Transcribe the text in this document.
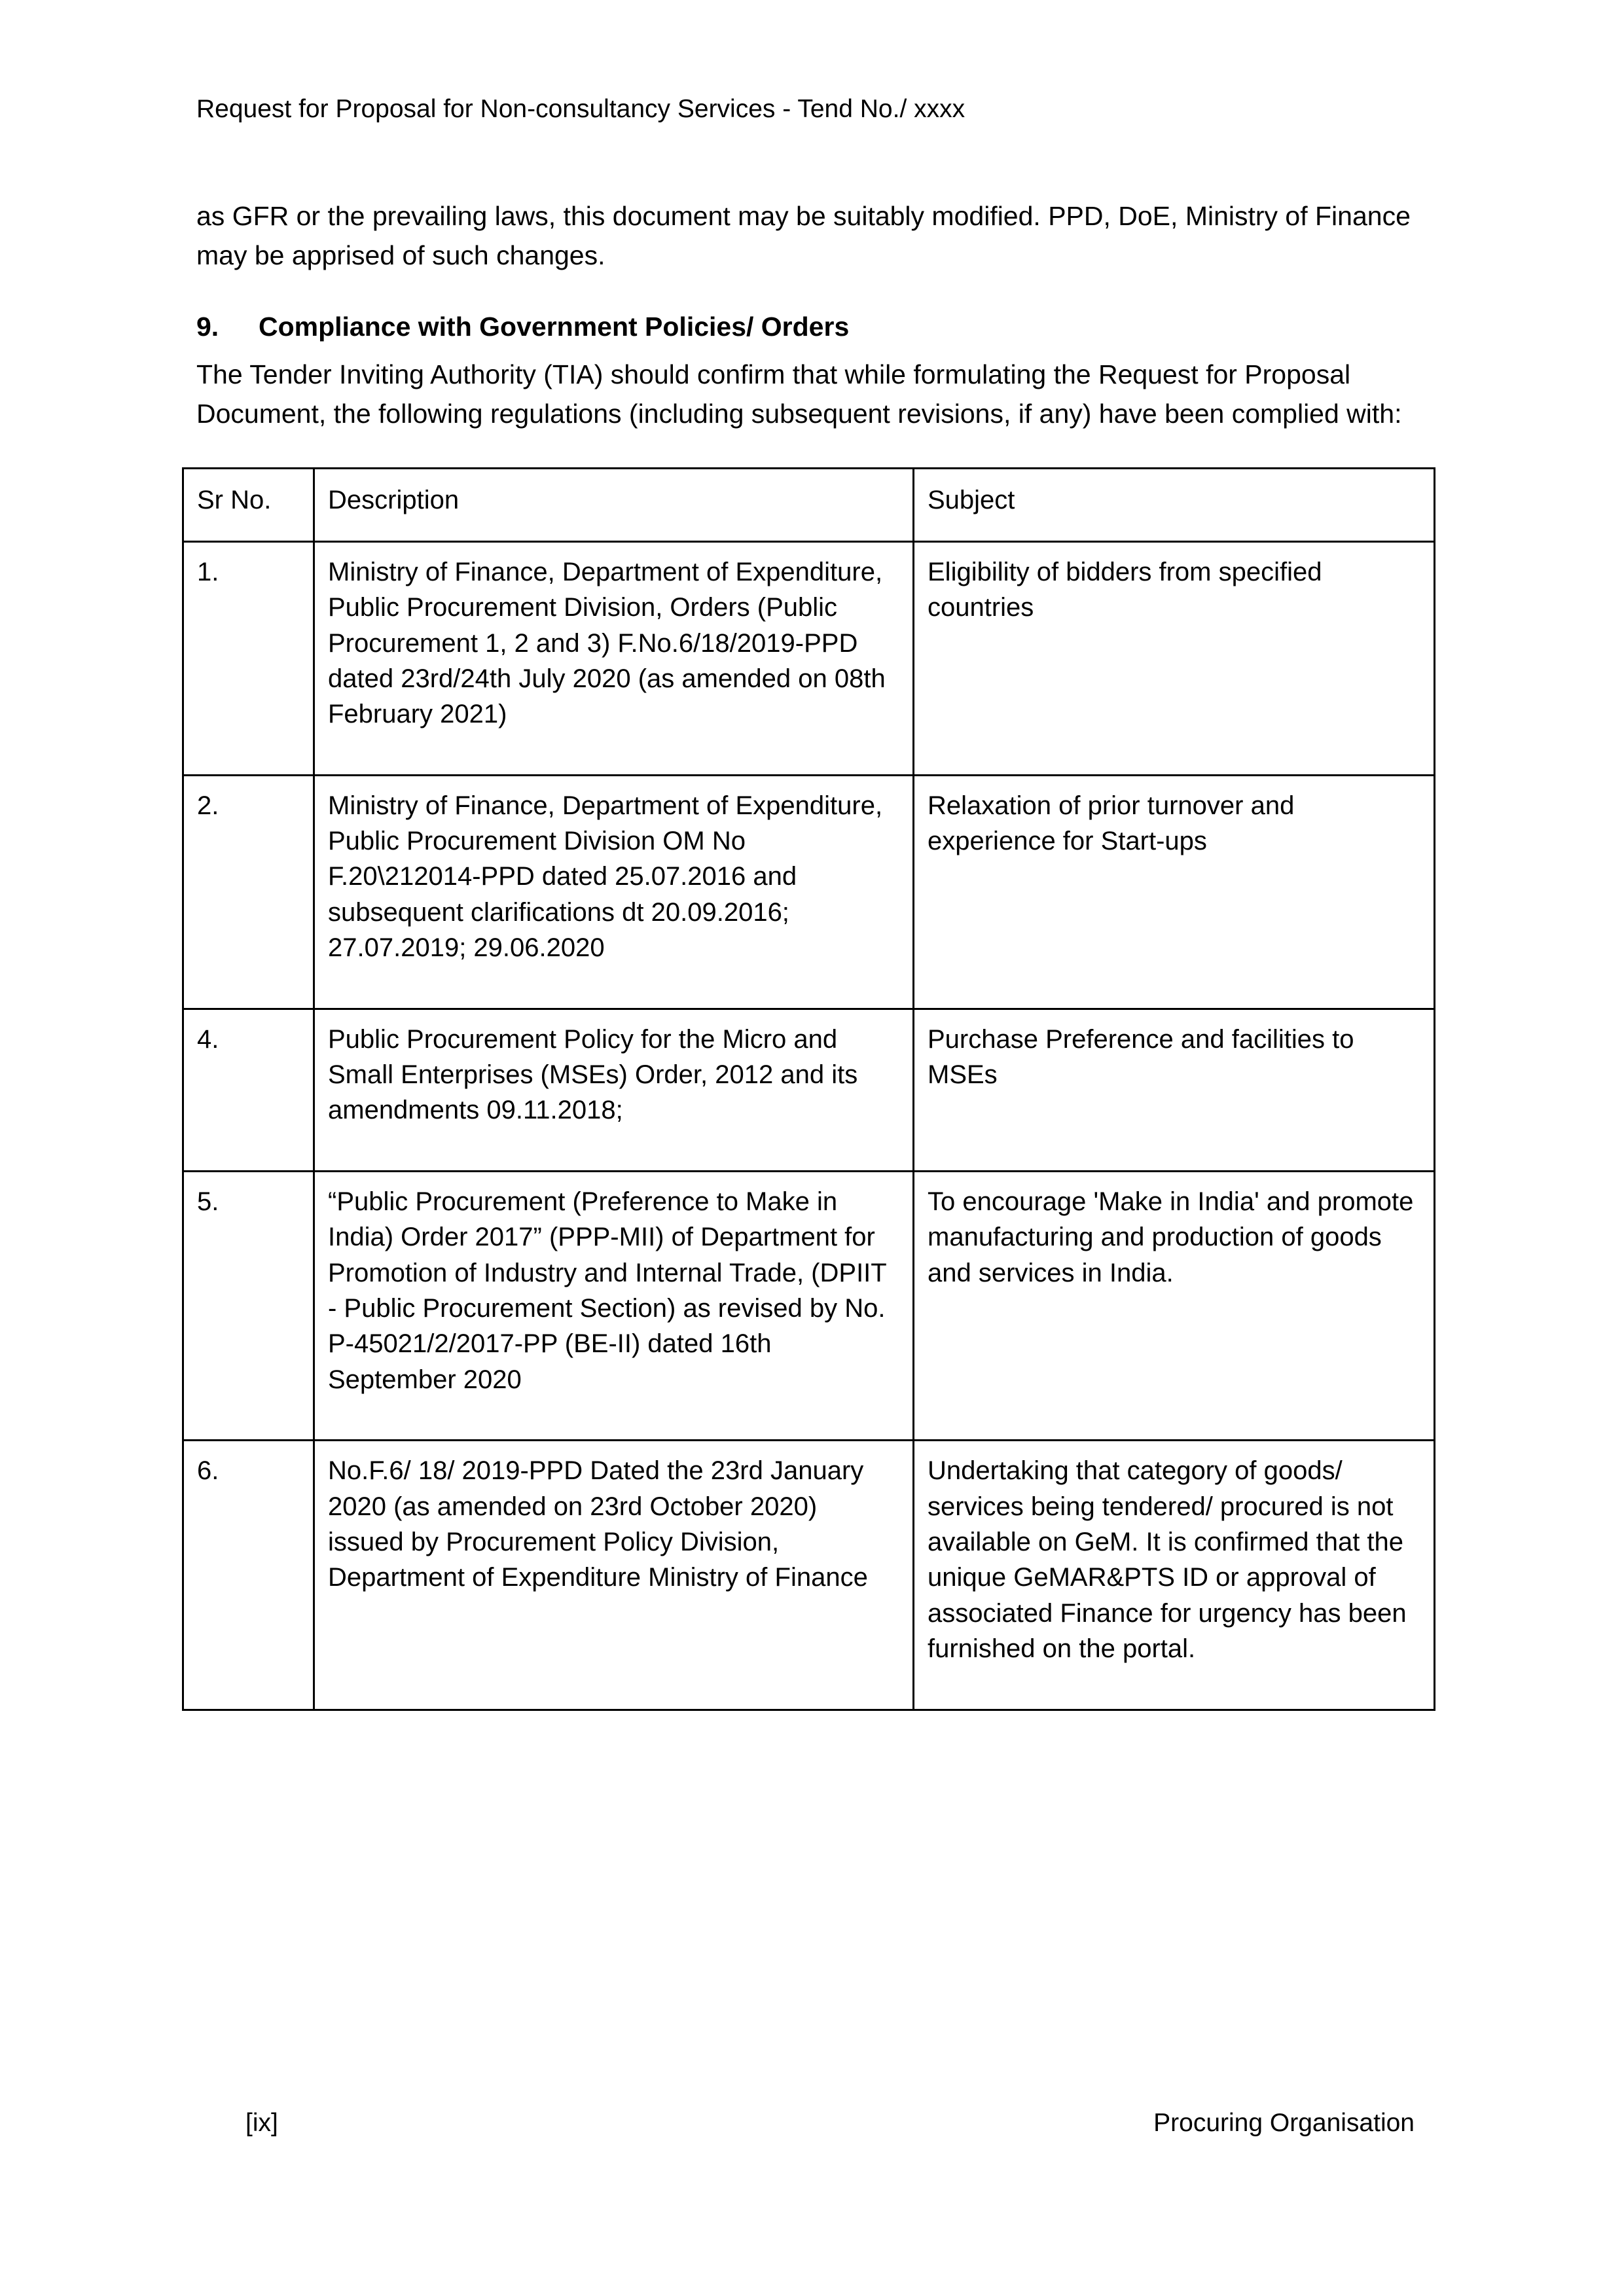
Request for Proposal for Non-consultancy Services - Tend No./ xxxx

as GFR or the prevailing laws, this document may be suitably modified. PPD, DoE, Ministry of Finance may be apprised of such changes.

9. Compliance with Government Policies/ Orders

The Tender Inviting Authority (TIA) should confirm that while formulating the Request for Proposal Document, the following regulations (including subsequent revisions, if any) have been complied with:

Sr No.	Description	Subject
1.	Ministry of Finance, Department of Expenditure, Public Procurement Division, Orders (Public Procurement 1, 2 and 3) F.No.6/18/2019-PPD dated 23rd/24th July 2020 (as amended on 08th February 2021)	Eligibility of bidders from specified countries
2.	Ministry of Finance, Department of Expenditure, Public Procurement Division OM No F.20\212014-PPD dated 25.07.2016 and subsequent clarifications dt 20.09.2016; 27.07.2019; 29.06.2020	Relaxation of prior turnover and experience for Start-ups
4.	Public Procurement Policy for the Micro and Small Enterprises (MSEs) Order, 2012 and its amendments 09.11.2018;	Purchase Preference and facilities to MSEs
5.	“Public Procurement (Preference to Make in India) Order 2017” (PPP-MII) of Department for Promotion of Industry and Internal Trade, (DPIIT - Public Procurement Section) as revised by No. P-45021/2/2017-PP (BE-II) dated 16th September 2020	To encourage 'Make in India' and promote manufacturing and production of goods and services in India.
6.	No.F.6/ 18/ 2019-PPD Dated the 23rd January 2020 (as amended on 23rd October 2020) issued by Procurement Policy Division, Department of Expenditure Ministry of Finance	Undertaking that category of goods/ services being tendered/ procured is not available on GeM. It is confirmed that the unique GeMAR&PTS ID or approval of associated Finance for urgency has been furnished on the portal.
[ix]	Procuring Organisation
